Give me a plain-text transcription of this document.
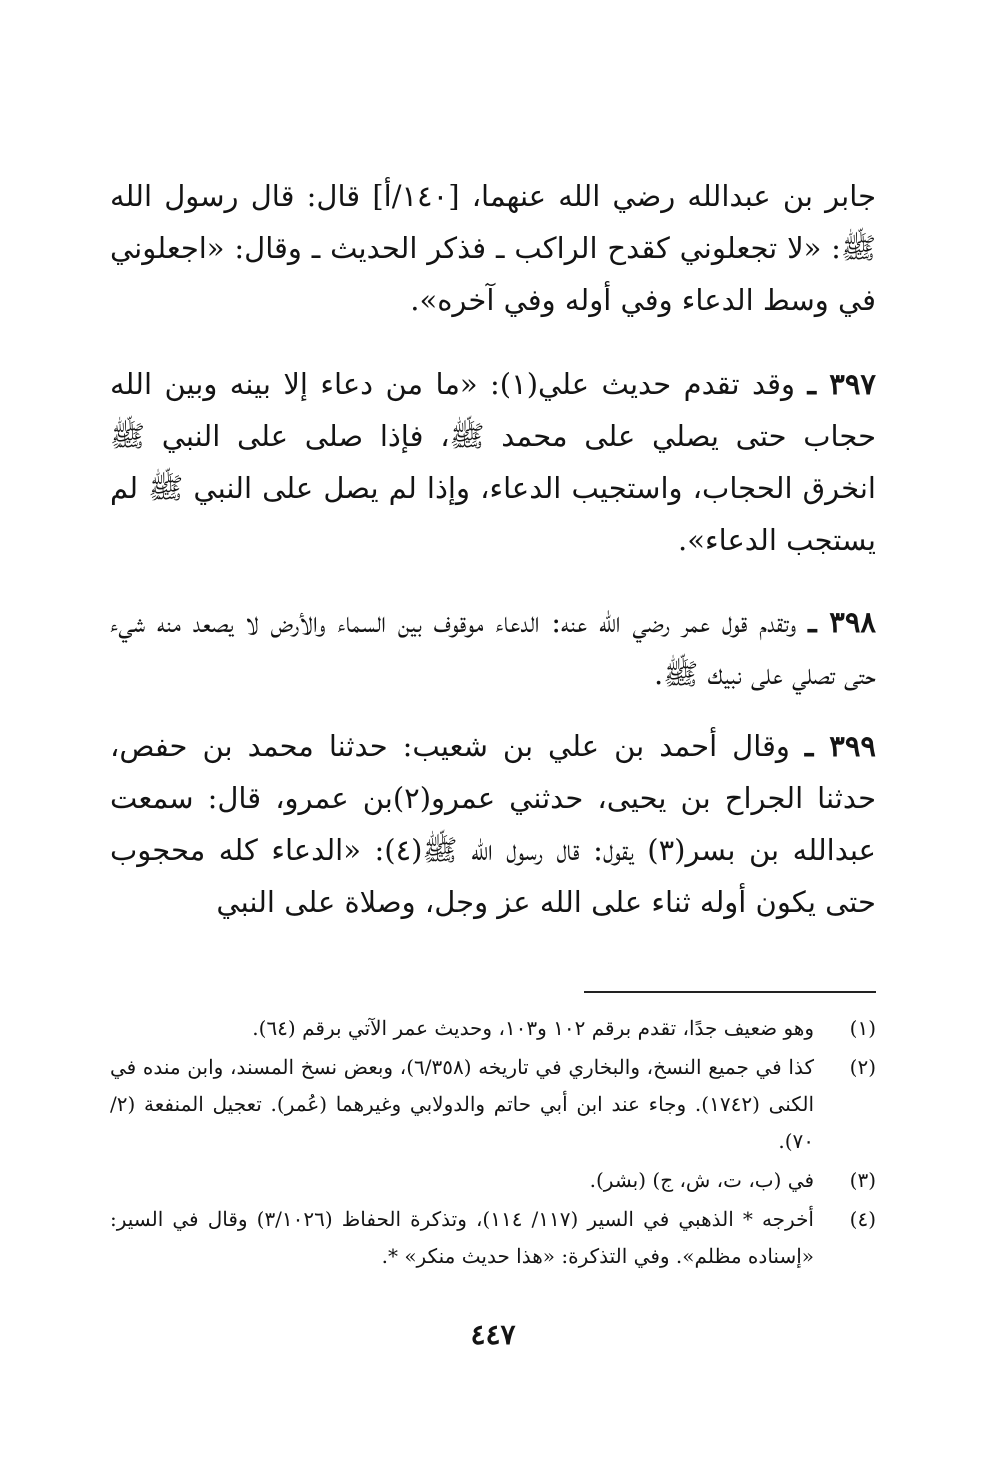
جابر بن عبدالله رضي الله عنهما، [١٤٠/أ] قال: قال رسول الله ﷺ: «لا تجعلوني كقدح الراكب ـ فذكر الحديث ـ وقال: «اجعلوني في وسط الدعاء وفي أوله وفي آخره».

٣٩٧ ـ وقد تقدم حديث علي(١): «ما من دعاء إلا بينه وبين الله حجاب حتى يصلي على محمد ﷺ، فإذا صلى على النبي ﷺ انخرق الحجاب، واستجيب الدعاء، وإذا لم يصل على النبي ﷺ لم يستجب الدعاء».

٣٩٨ ـ وتقدم قول عمر رضي الله عنه: الدعاء موقوف بين السماء والأرض لا يصعد منه شيء حتى تصلي على نبيك ﷺ.

٣٩٩ ـ وقال أحمد بن علي بن شعيب: حدثنا محمد بن حفص، حدثنا الجراح بن يحيى، حدثني عمرو(٢)بن عمرو، قال: سمعت عبدالله بن بسر(٣) يقول: قال رسول الله ﷺ(٤): «الدعاء كله محجوب حتى يكون أوله ثناء على الله عز وجل، وصلاة على النبي

(١)
وهو ضعيف جدًا، تقدم برقم ١٠٢ و١٠٣، وحديث عمر الآتي برقم (٦٤).

(٢)
كذا في جميع النسخ، والبخاري في تاريخه (٦/٣٥٨)، وبعض نسخ المسند، وابن منده في الكنى (١٧٤٢). وجاء عند ابن أبي حاتم والدولابي وغيرهما (عُمر). تعجيل المنفعة (٢/ ٧٠).

(٣)
في (ب، ت، ش، ج) (بشر).

(٤)
أخرجه * الذهبي في السير (١١٧/ ١١٤)، وتذكرة الحفاظ (٣/١٠٢٦) وقال في السير: «إسناده مظلم». وفي التذكرة: «هذا حديث منكر» *.

٤٤٧
